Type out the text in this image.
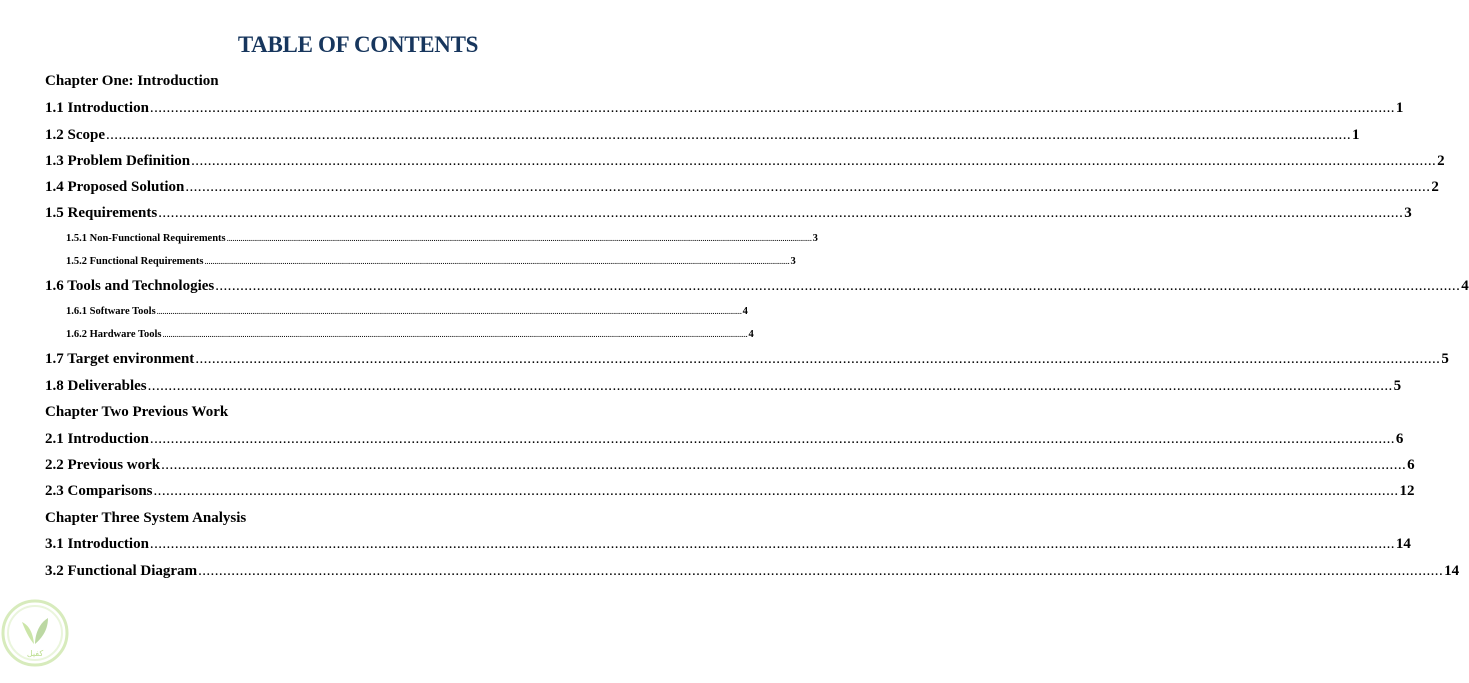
TABLE OF CONTENTS
Chapter One: Introduction
1.1 Introduction ............................................................................................................................................................................................................................................................................................................ 1
1.2 Scope ............................................................................................................................................................................................................................................................................................................ 1
1.3 Problem Definition ............................................................................................................................................................................................................................................................................................................ 2
1.4 Proposed Solution ............................................................................................................................................................................................................................................................................................................ 2
1.5 Requirements ............................................................................................................................................................................................................................................................................................................ 3
1.5.1 Non-Functional Requirements ............................................................................................................................................................................................................................................................................................................ 3
1.5.2 Functional Requirements ............................................................................................................................................................................................................................................................................................................ 3
1.6 Tools and Technologies ............................................................................................................................................................................................................................................................................................................ 4
1.6.1 Software Tools ............................................................................................................................................................................................................................................................................................................ 4
1.6.2 Hardware Tools ............................................................................................................................................................................................................................................................................................................ 4
1.7 Target environment ............................................................................................................................................................................................................................................................................................................ 5
1.8 Deliverables ............................................................................................................................................................................................................................................................................................................ 5
Chapter Two Previous Work
2.1 Introduction ............................................................................................................................................................................................................................................................................................................ 6
2.2 Previous work ............................................................................................................................................................................................................................................................................................................ 6
2.3 Comparisons ............................................................................................................................................................................................................................................................................................................ 12
Chapter Three System Analysis
3.1 Introduction ............................................................................................................................................................................................................................................................................................................ 14
3.2 Functional Diagram ............................................................................................................................................................................................................................................................................................................ 14
كفيل
